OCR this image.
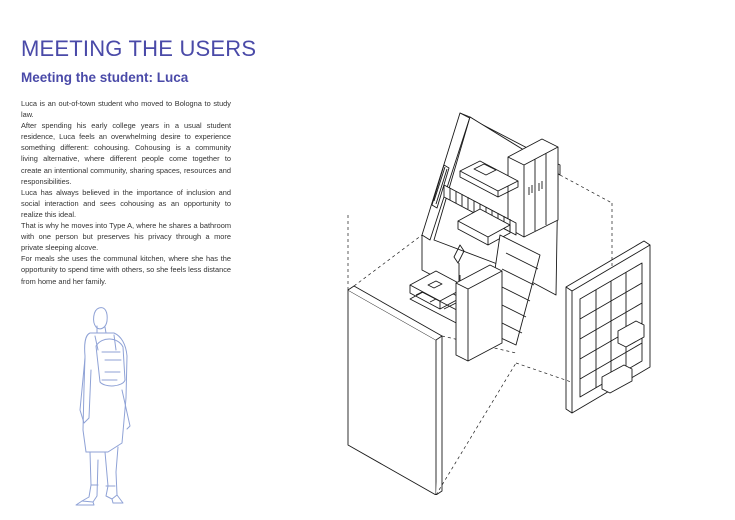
MEETING THE USERS
Meeting the student: Luca

Luca is an out-of-town student who moved to Bologna to study law.

After spending his early college years in a usual student residence, Luca feels an overwhelming desire to experience something different: cohousing. Cohousing is a community living alternative, where different people come together to create an intentional community, sharing spaces, resources and responsibilities.

Luca has always believed in the importance of inclusion and social interaction and sees cohousing as an opportunity to realize this ideal.

That is why he moves into Type A, where he shares a bathroom with one person but preserves his privacy through a more private sleeping alcove.

For meals she uses the communal kitchen, where she has the opportunity to spend time with others, so she feels less distance from home and her family.
